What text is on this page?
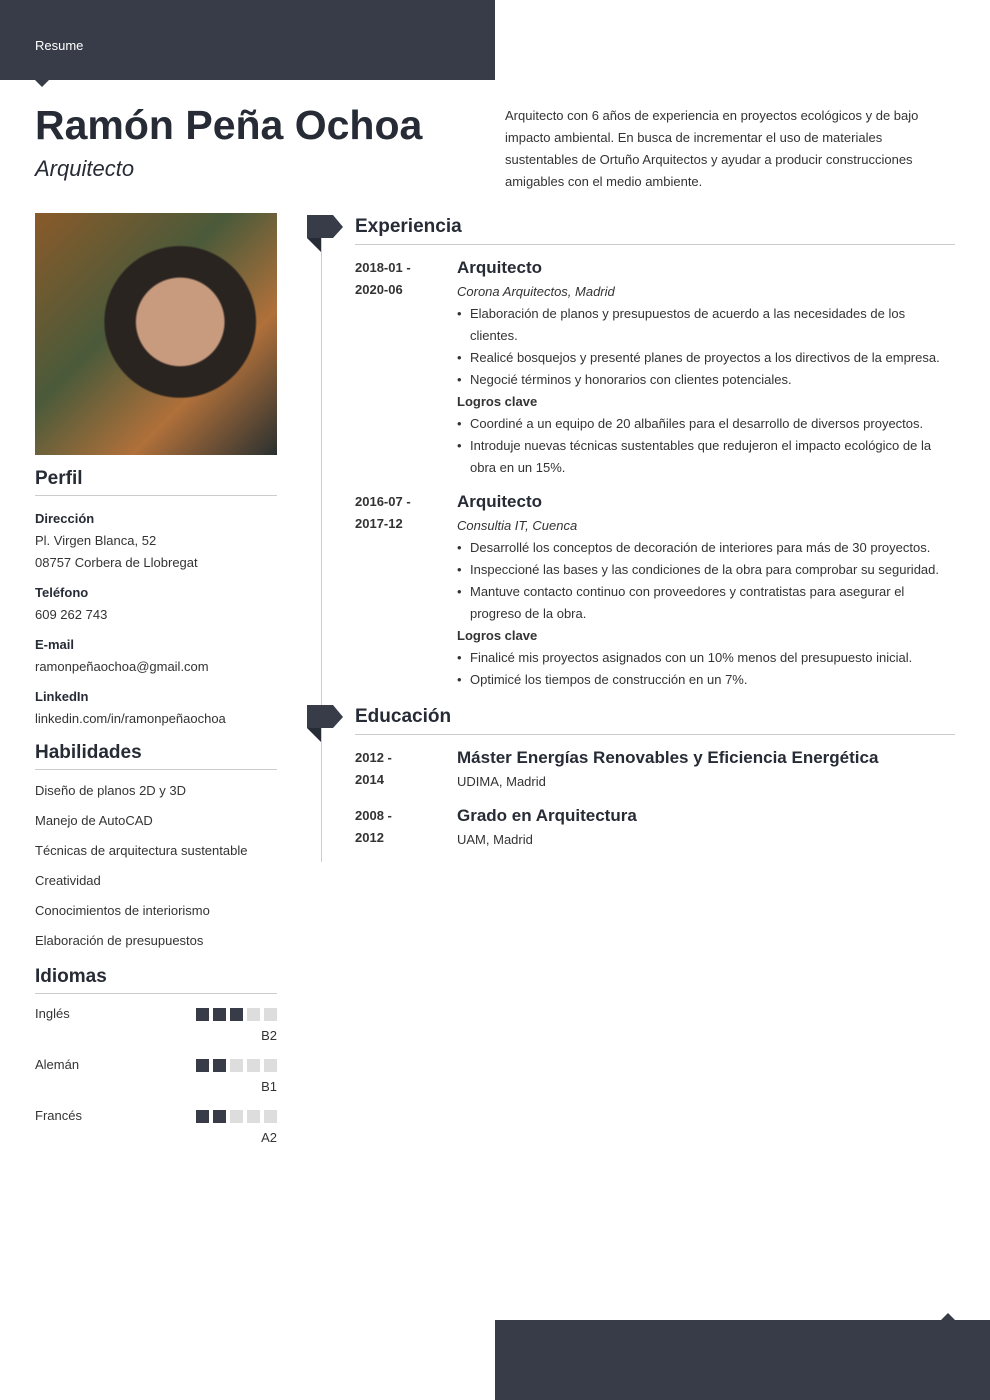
Resume
Ramón Peña Ochoa
Arquitecto
Arquitecto con 6 años de experiencia en proyectos ecológicos y de bajo impacto ambiental. En busca de incrementar el uso de materiales sustentables de Ortuño Arquitectos y ayudar a producir construcciones amigables con el medio ambiente.
Perfil
Dirección
Pl. Virgen Blanca, 52
08757 Corbera de Llobregat
Teléfono
609 262 743
E-mail
ramonpeñaochoa@gmail.com
LinkedIn
linkedin.com/in/ramonpeñaochoa
Habilidades
Diseño de planos 2D y 3D
Manejo de AutoCAD
Técnicas de arquitectura sustentable
Creatividad
Conocimientos de interiorismo
Elaboración de presupuestos
Idiomas
Inglés
B2
Alemán
B1
Francés
A2
Experiencia
2018-01 -
2020-06
Arquitecto
Corona Arquitectos, Madrid
• Elaboración de planos y presupuestos de acuerdo a las necesidades de los clientes.
• Realicé bosquejos y presenté planes de proyectos a los directivos de la empresa.
• Negocié términos y honorarios con clientes potenciales.
Logros clave
• Coordiné a un equipo de 20 albañiles para el desarrollo de diversos proyectos.
• Introduje nuevas técnicas sustentables que redujeron el impacto ecológico de la obra en un 15%.
2016-07 -
2017-12
Arquitecto
Consultia IT, Cuenca
• Desarrollé los conceptos de decoración de interiores para más de 30 proyectos.
• Inspeccioné las bases y las condiciones de la obra para comprobar su seguridad.
• Mantuve contacto continuo con proveedores y contratistas para asegurar el progreso de la obra.
Logros clave
• Finalicé mis proyectos asignados con un 10% menos del presupuesto inicial.
• Optimicé los tiempos de construcción en un 7%.
Educación
2012 -
2014
Máster Energías Renovables y Eficiencia Energética
UDIMA, Madrid
2008 -
2012
Grado en Arquitectura
UAM, Madrid
